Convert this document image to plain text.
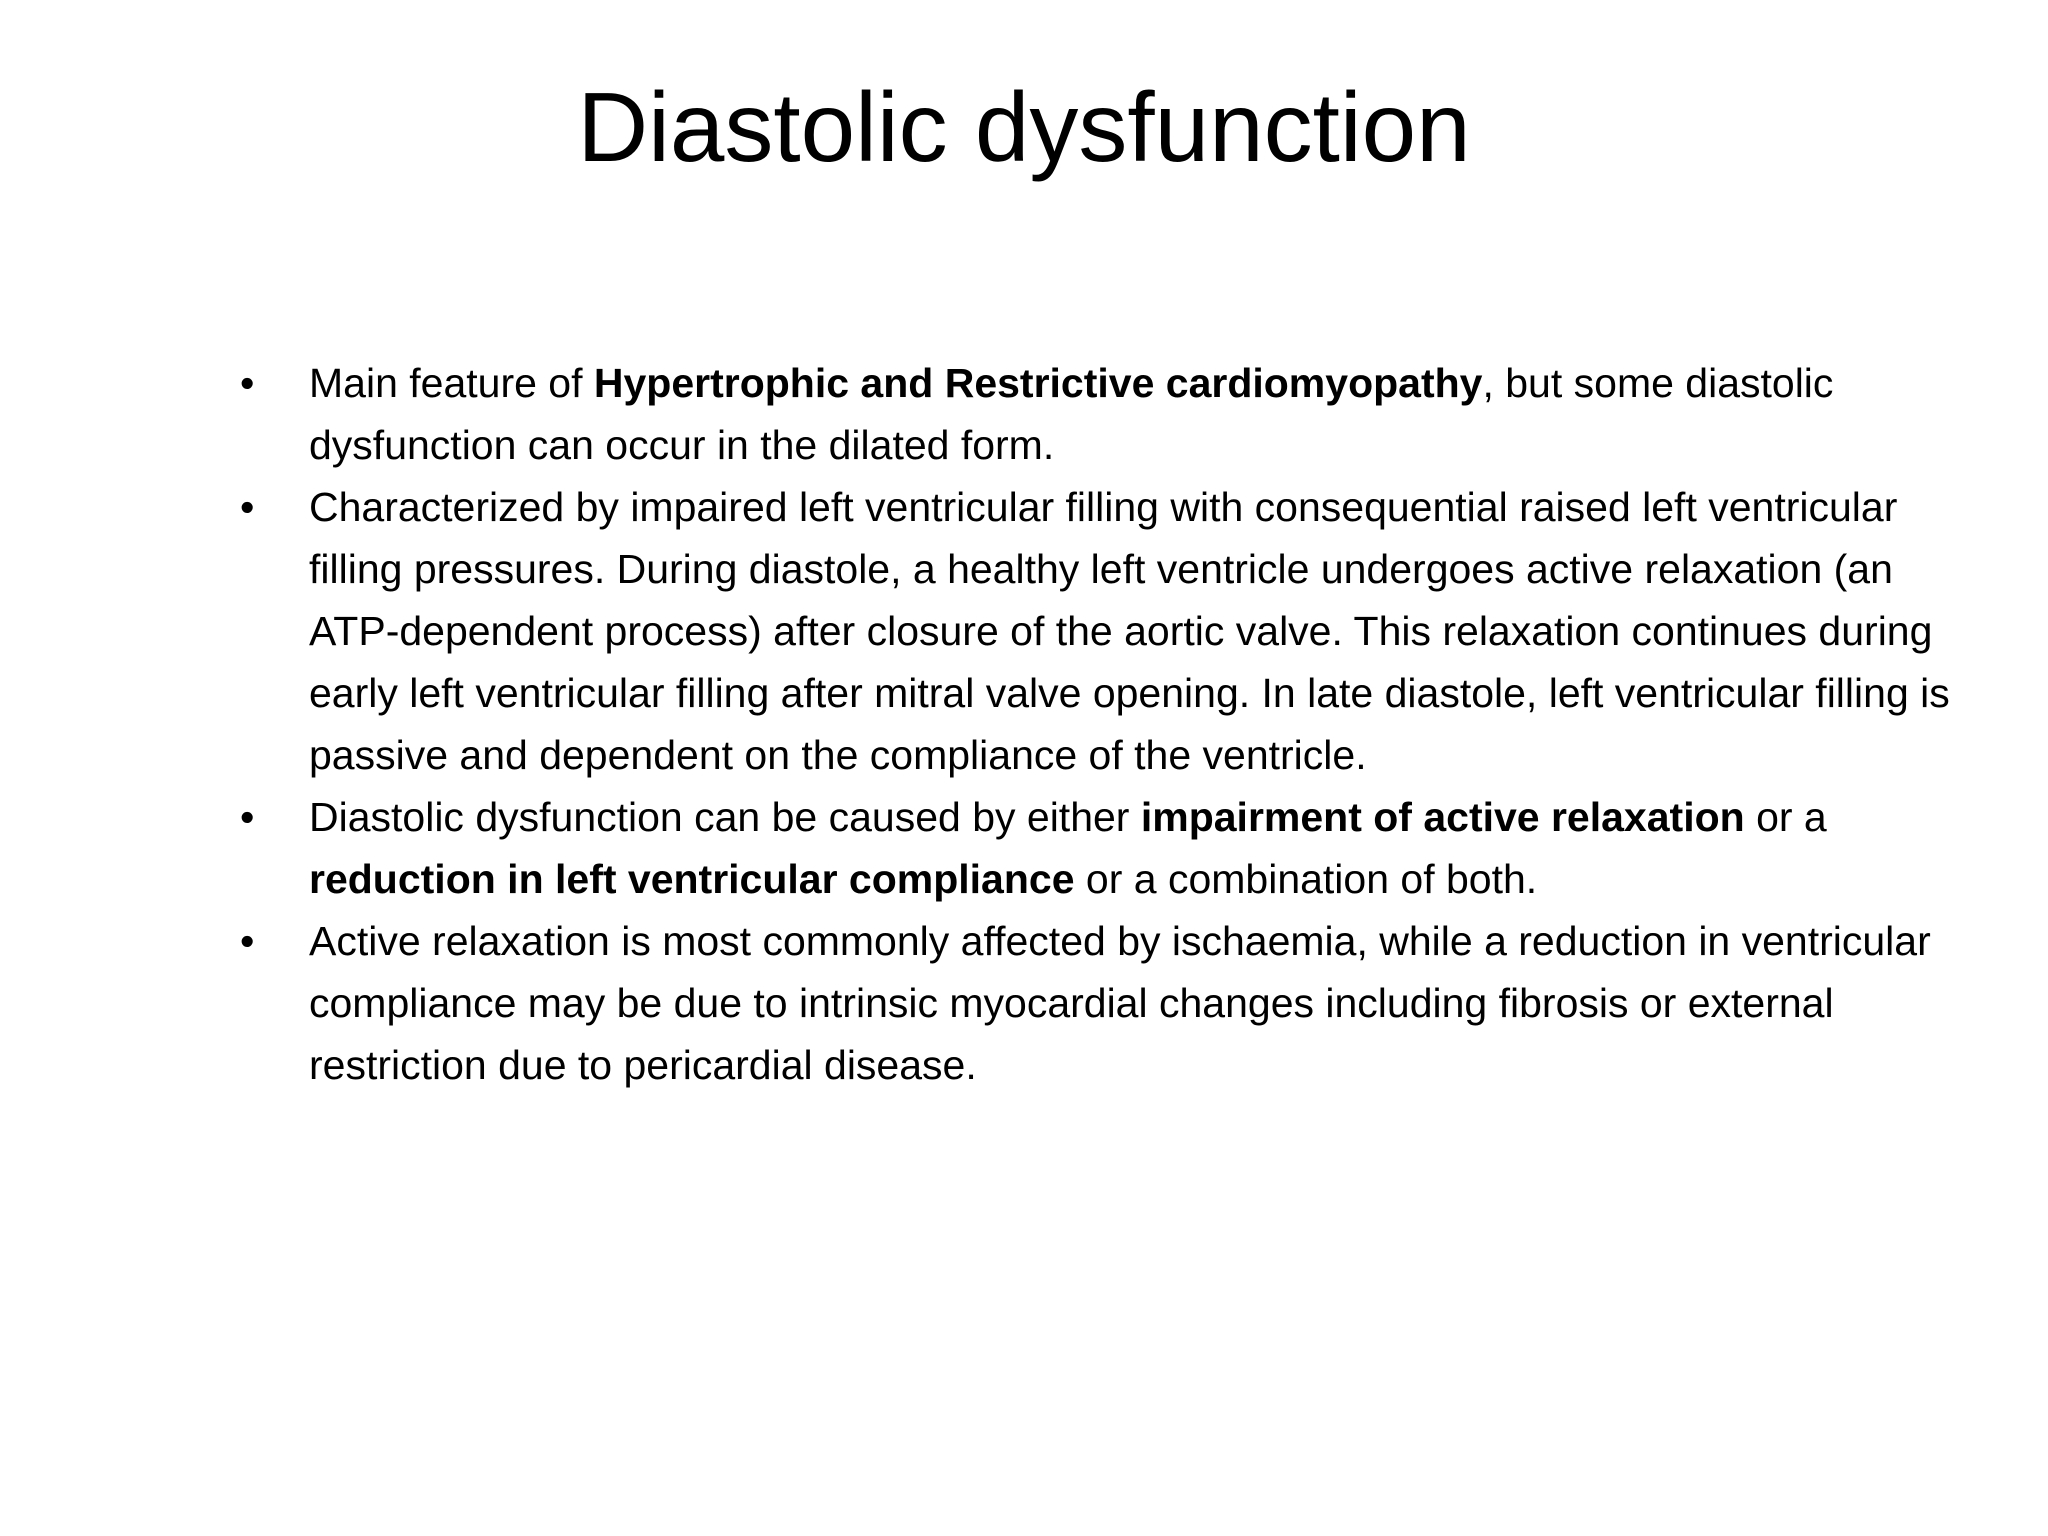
Diastolic dysfunction
•	Main feature of Hypertrophic and Restrictive cardiomyopathy, but some diastolic dysfunction can occur in the dilated form.
•	Characterized by impaired left ventricular filling with consequential raised left ventricular filling pressures. During diastole, a healthy left ventricle undergoes active relaxation (an ATP-dependent process) after closure of the aortic valve. This relaxation continues during early left ventricular filling after mitral valve opening. In late diastole, left ventricular filling is passive and dependent on the compliance of the ventricle.
•	Diastolic dysfunction can be caused by either impairment of active relaxation or a reduction in left ventricular compliance or a combination of both.
•	Active relaxation is most commonly affected by ischaemia, while a reduction in ventricular compliance may be due to intrinsic myocardial changes including fibrosis or external restriction due to pericardial disease.
